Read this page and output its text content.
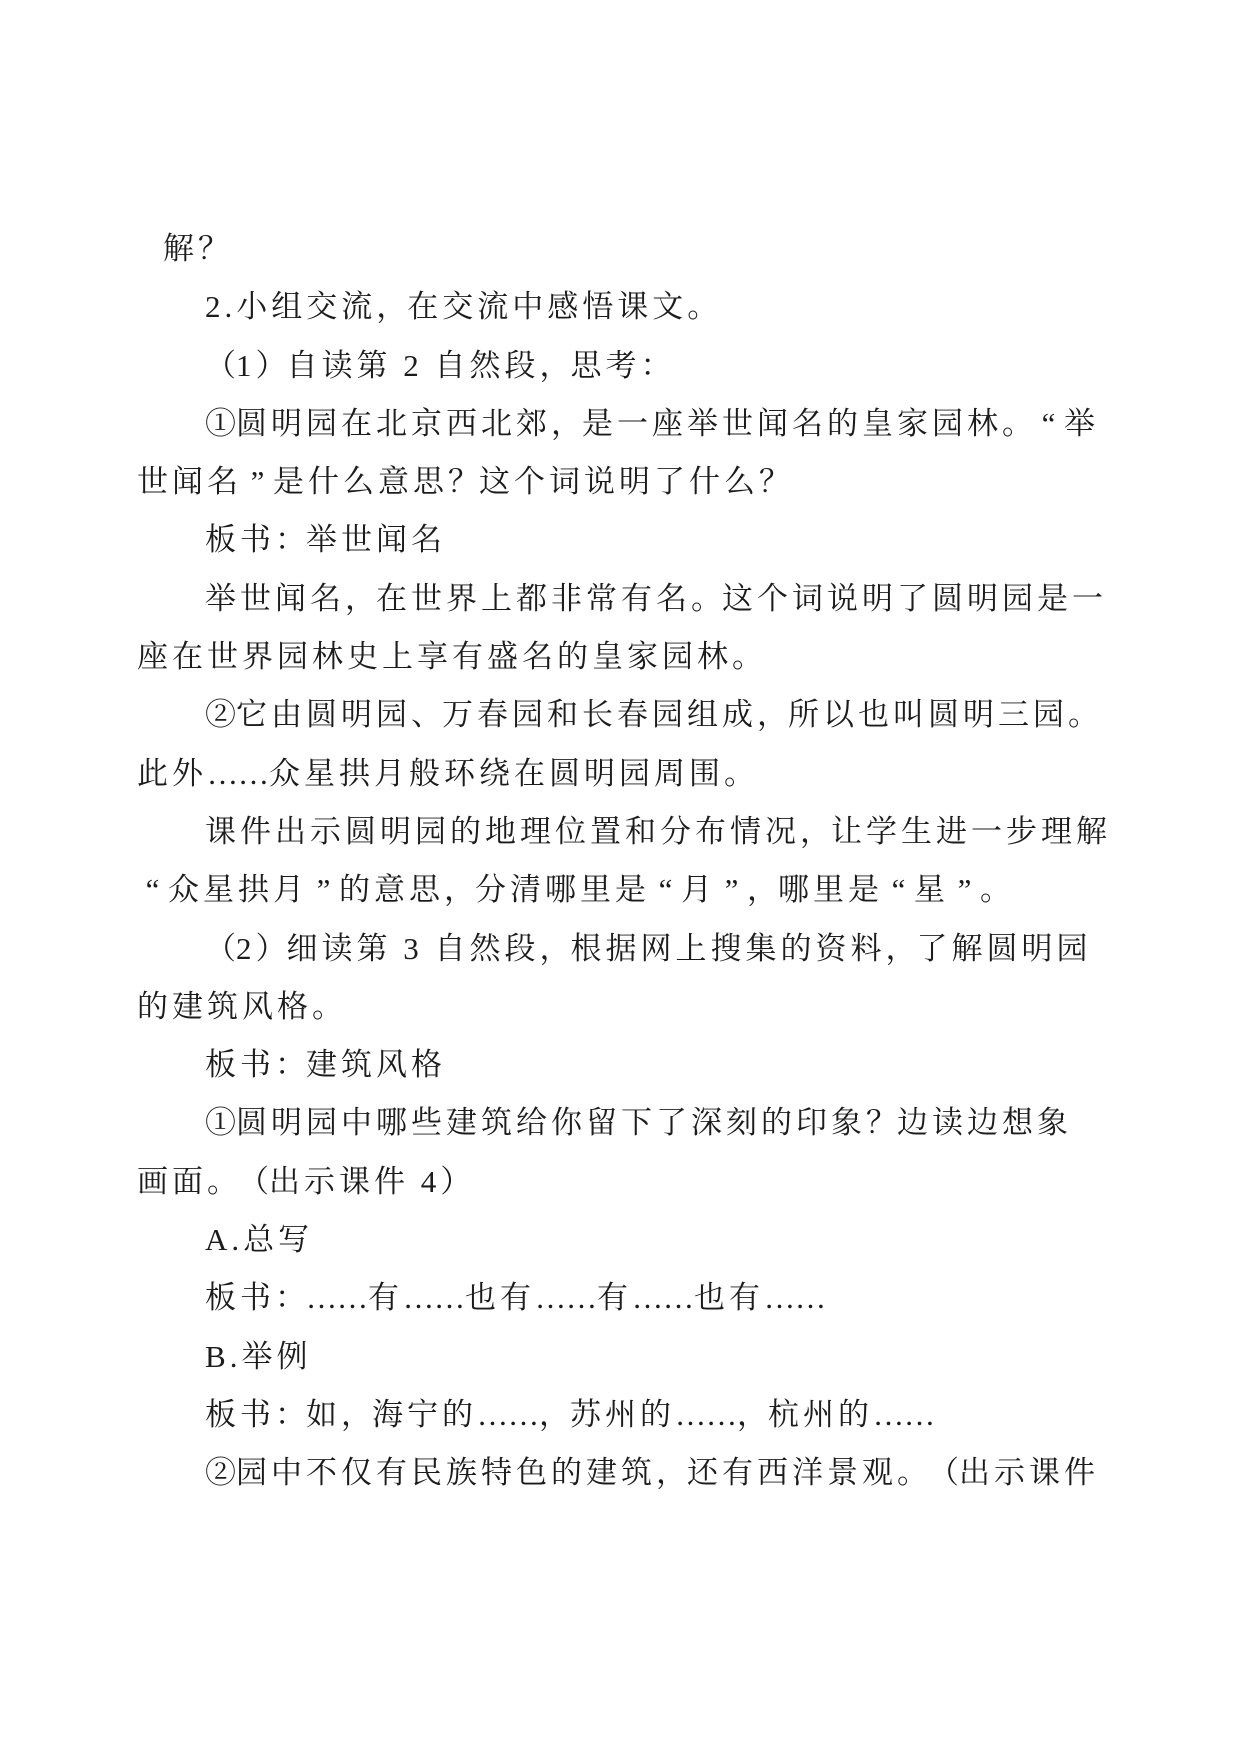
解？
2.小组交流，在交流中感悟课文。
（1）自读第 2 自然段，思考：
①圆明园在北京西北郊，是一座举世闻名的皇家园林。 “ 举
世闻名 ” 是什么意思？这个词说明了什么？
板书：举世闻名
举世闻名，在世界上都非常有名。这个词说明了圆明园是一
座在世界园林史上享有盛名的皇家园林。
②它由圆明园、万春园和长春园组成，所以也叫圆明三园。
此外……众星拱月般环绕在圆明园周围。
课件出示圆明园的地理位置和分布情况，让学生进一步理解
“ 众星拱月 ” 的意思，分清哪里是 “ 月 ” ，哪里是 “ 星 ” 。
（2）细读第 3 自然段，根据网上搜集的资料，了解圆明园
的建筑风格。
板书：建筑风格
①圆明园中哪些建筑给你留下了深刻的印象？边读边想象
画面。（出示课件 4）
A.总写
板书：……有……也有……有……也有……
B.举例
板书：如，海宁的……，苏州的……，杭州的……
②园中不仅有民族特色的建筑，还有西洋景观。（出示课件
